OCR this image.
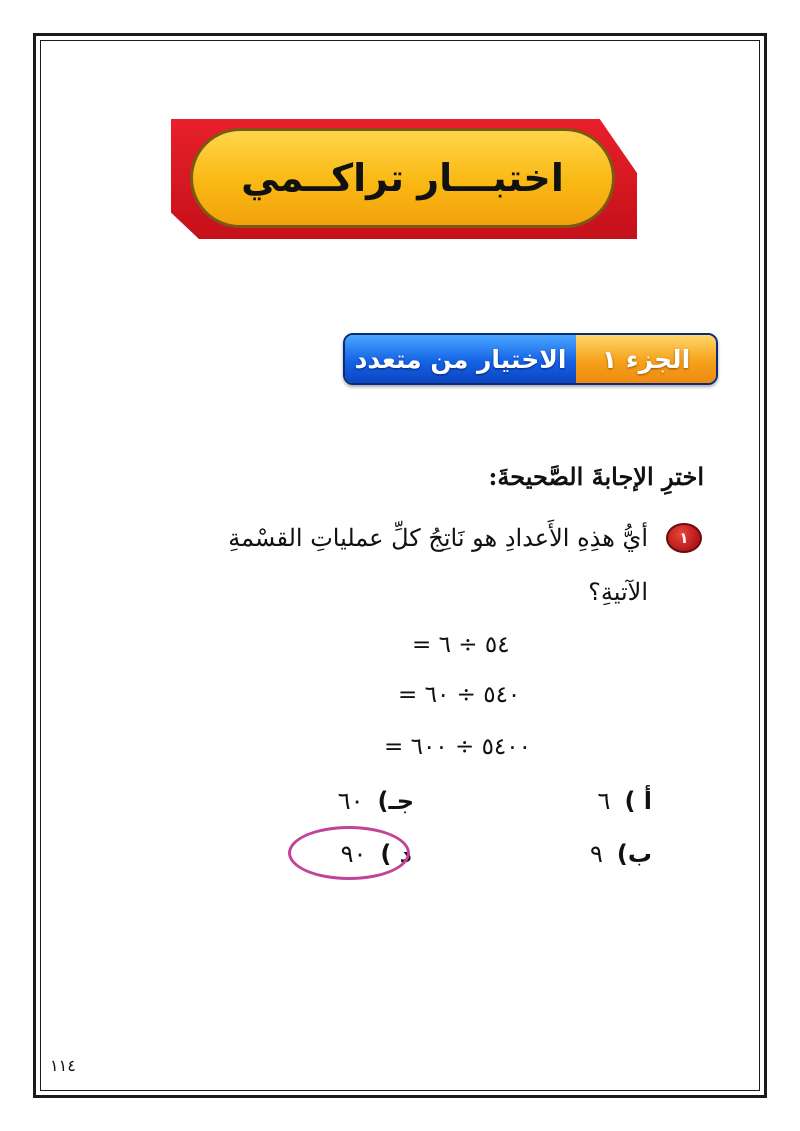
اختبـــار تراكــمي
الجزء ١
الاختيار من متعدد
اخترِ الإجابةَ الصَّحيحةَ:
١
أيُّ هذِهِ الأَعدادِ هو نَاتِجُ كلِّ عملياتِ القسْمةِ
الآتيةِ؟
٥٤ ÷ ٦ =
٥٤٠ ÷ ٦٠ =
٥٤٠٠ ÷ ٦٠٠ =
أ )
٦
ب)
٩
جـ)
٦٠
د )
٩٠
١١٤
